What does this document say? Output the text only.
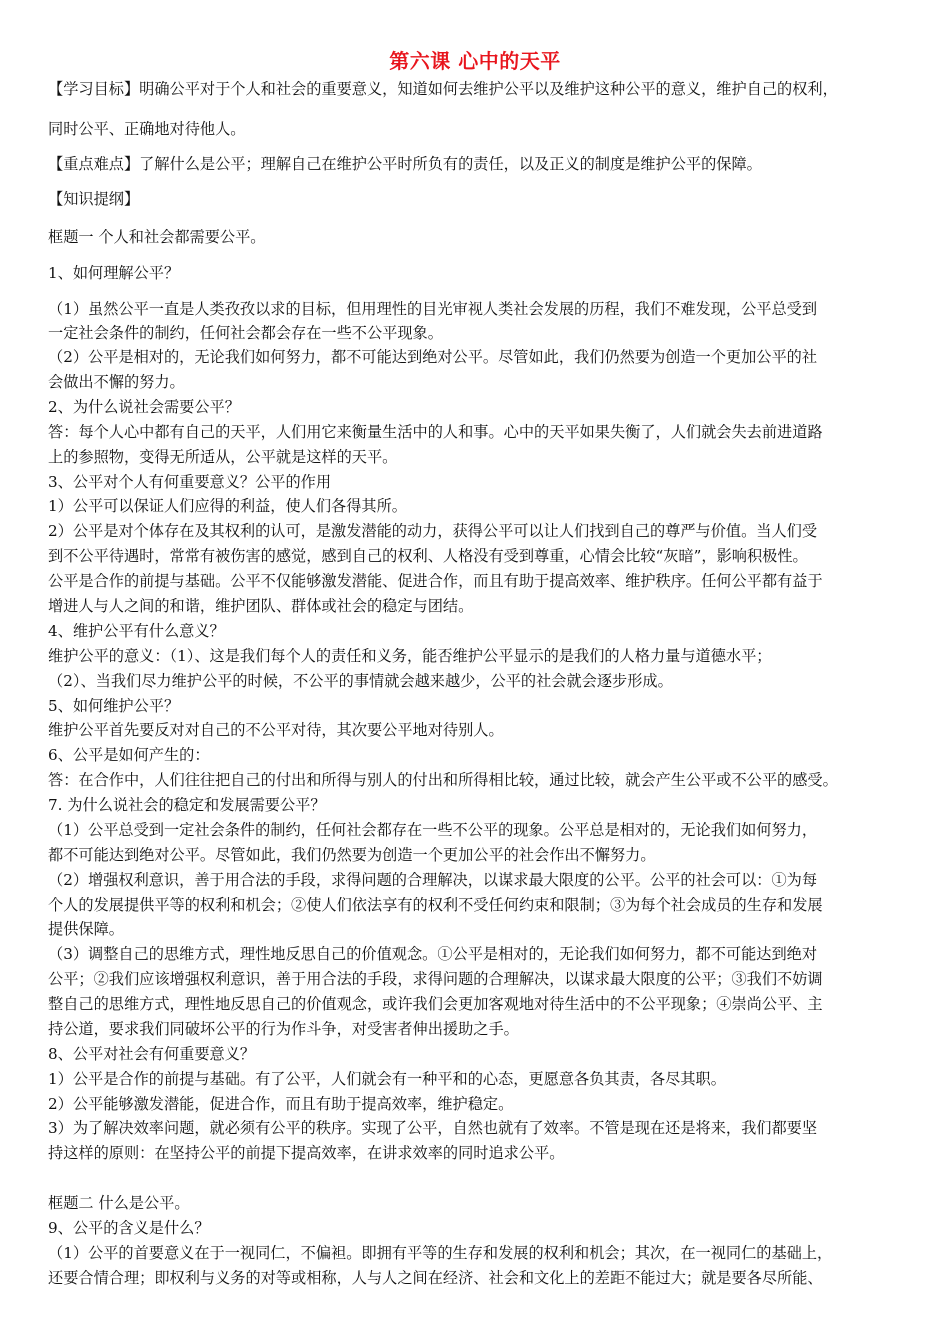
第六课 心中的天平
【学习目标】明确公平对于个人和社会的重要意义，知道如何去维护公平以及维护这种公平的意义，维护自己的权利，
同时公平、正确地对待他人。
【重点难点】了解什么是公平；理解自己在维护公平时所负有的责任，以及正义的制度是维护公平的保障。
【知识提纲】
框题一 个人和社会都需要公平。
1、如何理解公平？
（1）虽然公平一直是人类孜孜以求的目标，但用理性的目光审视人类社会发展的历程，我们不难发现，公平总受到
一定社会条件的制约，任何社会都会存在一些不公平现象。
（2）公平是相对的，无论我们如何努力，都不可能达到绝对公平。尽管如此，我们仍然要为创造一个更加公平的社
会做出不懈的努力。
2、为什么说社会需要公平？
答：每个人心中都有自己的天平，人们用它来衡量生活中的人和事。心中的天平如果失衡了，人们就会失去前进道路
上的参照物，变得无所适从，公平就是这样的天平。
3、公平对个人有何重要意义？公平的作用
1）公平可以保证人们应得的利益，使人们各得其所。
2）公平是对个体存在及其权利的认可，是激发潜能的动力，获得公平可以让人们找到自己的尊严与价值。当人们受
到不公平待遇时，常常有被伤害的感觉，感到自己的权利、人格没有受到尊重，心情会比较“灰暗”，影响积极性。
公平是合作的前提与基础。公平不仅能够激发潜能、促进合作，而且有助于提高效率、维护秩序。任何公平都有益于
增进人与人之间的和谐，维护团队、群体或社会的稳定与团结。
4、维护公平有什么意义？
维护公平的意义：（1）、这是我们每个人的责任和义务，能否维护公平显示的是我们的人格力量与道德水平；
（2）、当我们尽力维护公平的时候，不公平的事情就会越来越少，公平的社会就会逐步形成。
5、如何维护公平？
维护公平首先要反对对自己的不公平对待，其次要公平地对待别人。
6、公平是如何产生的：
答：在合作中，人们往往把自己的付出和所得与别人的付出和所得相比较，通过比较，就会产生公平或不公平的感受。
7. 为什么说社会的稳定和发展需要公平？
（1）公平总受到一定社会条件的制约，任何社会都存在一些不公平的现象。公平总是相对的，无论我们如何努力，
都不可能达到绝对公平。尽管如此，我们仍然要为创造一个更加公平的社会作出不懈努力。
（2）增强权利意识，善于用合法的手段，求得问题的合理解决，以谋求最大限度的公平。公平的社会可以：①为每
个人的发展提供平等的权利和机会；②使人们依法享有的权利不受任何约束和限制；③为每个社会成员的生存和发展
提供保障。
（3）调整自己的思维方式，理性地反思自己的价值观念。①公平是相对的，无论我们如何努力，都不可能达到绝对
公平；②我们应该增强权利意识，善于用合法的手段，求得问题的合理解决，以谋求最大限度的公平；③我们不妨调
整自己的思维方式，理性地反思自己的价值观念，或许我们会更加客观地对待生活中的不公平现象；④崇尚公平、主
持公道，要求我们同破坏公平的行为作斗争，对受害者伸出援助之手。
8、公平对社会有何重要意义？
1）公平是合作的前提与基础。有了公平，人们就会有一种平和的心态，更愿意各负其责，各尽其职。
2）公平能够激发潜能，促进合作，而且有助于提高效率，维护稳定。
3）为了解决效率问题，就必须有公平的秩序。实现了公平，自然也就有了效率。不管是现在还是将来，我们都要坚
持这样的原则：在坚持公平的前提下提高效率，在讲求效率的同时追求公平。
框题二 什么是公平。
9、公平的含义是什么？
（1）公平的首要意义在于一视同仁，不偏袒。即拥有平等的生存和发展的权利和机会；其次，在一视同仁的基础上，
还要合情合理；即权利与义务的对等或相称，人与人之间在经济、社会和文化上的差距不能过大；就是要各尽所能、
